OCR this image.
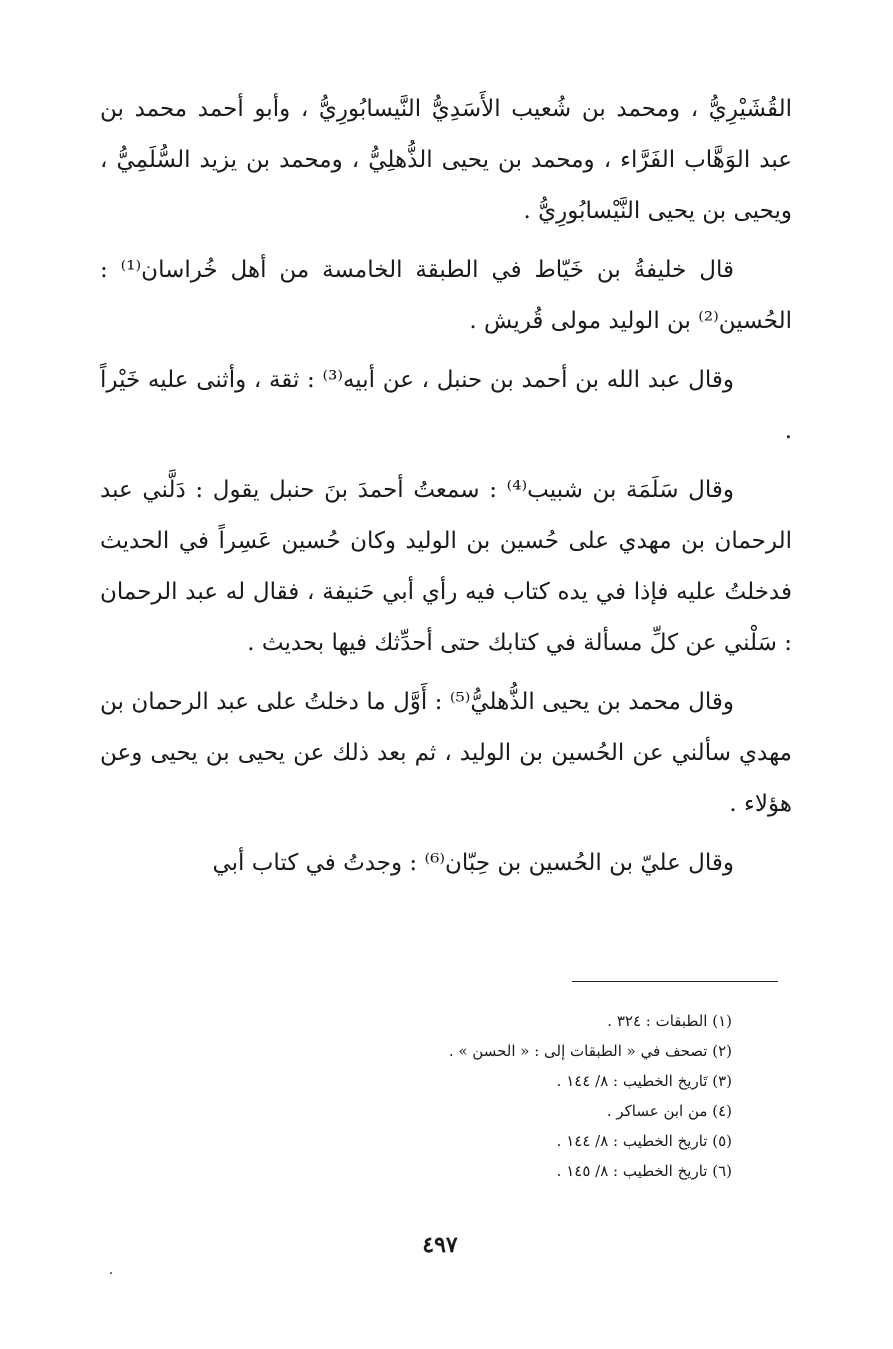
القُشَيْرِيُّ ، ومحمد بن شُعيب الأَسَدِيُّ النَّيسابُورِيُّ ، وأبو أحمد محمد بن عبد الوَهَّاب الفَرَّاء ، ومحمد بن يحيى الذُّهلِيُّ ، ومحمد بن يزيد السُّلَمِيُّ ، ويحيى بن يحيى النَّيْسابُورِيُّ .

قال خليفةُ بن خَيّاط في الطبقة الخامسة من أهل خُراسان⁽¹⁾ : الحُسين⁽²⁾ بن الوليد مولى قُريش .

وقال عبد الله بن أحمد بن حنبل ، عن أبيه⁽³⁾ : ثقة ، وأثنى عليه خَيْراً .

وقال سَلَمَة بن شبيب⁽⁴⁾ : سمعتُ أحمدَ بنَ حنبل يقول : دَلَّني عبد الرحمان بن مهدي على حُسين بن الوليد وكان حُسين عَسِراً في الحديث فدخلتُ عليه فإذا في يده كتاب فيه رأي أبي حَنيفة ، فقال له عبد الرحمان : سَلْني عن كلِّ مسألة في كتابك حتى أحدِّثك فيها بحديث .

وقال محمد بن يحيى الذُّهليُّ⁽⁵⁾ : أَوَّل ما دخلتُ على عبد الرحمان بن مهدي سألني عن الحُسين بن الوليد ، ثم بعد ذلك عن يحيى بن يحيى وعن هؤلاء .

وقال عليّ بن الحُسين بن حِبّان⁽⁶⁾ : وجدتُ في كتاب أبي

(١) الطبقات : ٣٢٤ .

(٢) تصحف في « الطبقات إلى : « الحسن » .

(٣) تَاريخ الخطيب : ٨/ ١٤٤ .

(٤) من ابن عساكر .

(٥) تاريخ الخطيب : ٨/ ١٤٤ .

(٦) تاريخ الخطيب : ٨/ ١٤٥ .

٤٩٧
